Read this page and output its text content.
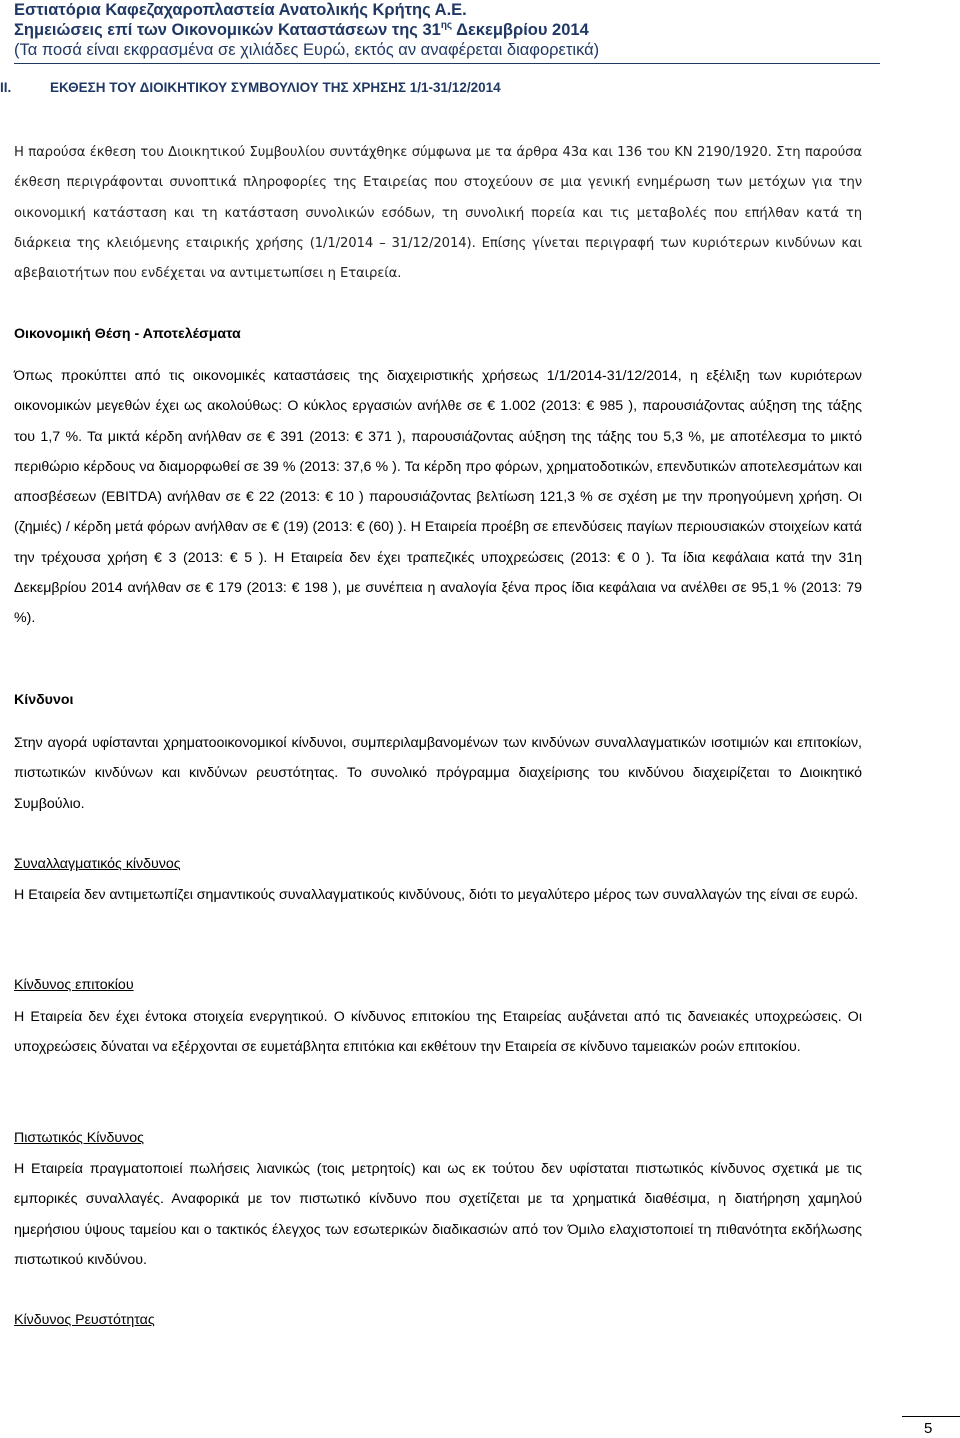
Εστιατόρια Καφεζαχαροπλαστεία Ανατολικής Κρήτης Α.Ε.
Σημειώσεις επί των Οικονομικών Καταστάσεων της $31^{\eta\varsigma}$ Δεκεμβρίου 2014
(Τα ποσά είναι εκφρασμένα σε χιλιάδες Ευρώ, εκτός αν αναφέρεται διαφορετικά)
II.	ΕΚΘΕΣΗ ΤΟΥ ΔΙΟΙΚΗΤΙΚΟΥ ΣΥΜΒΟΥΛΙΟΥ ΤΗΣ ΧΡΗΣΗΣ 1/1-31/12/2014

Η παρούσα έκθεση του Διοικητικού Συμβουλίου συντάχθηκε σύμφωνα με τα άρθρα 43α και 136 του ΚΝ 2190/1920. Στη παρούσα έκθεση περιγράφονται συνοπτικά πληροφορίες της Εταιρείας που στοχεύουν σε μια γενική ενημέρωση των μετόχων για την οικονομική κατάσταση και τη κατάσταση συνολικών εσόδων, τη συνολική πορεία και τις μεταβολές που επήλθαν κατά τη διάρκεια της κλειόμενης εταιρικής χρήσης (1/1/2014 – 31/12/2014). Επίσης γίνεται περιγραφή των κυριότερων κινδύνων και αβεβαιοτήτων που ενδέχεται να αντιμετωπίσει η Εταιρεία.

Οικονομική Θέση - Αποτελέσματα

Όπως προκύπτει από τις οικονομικές καταστάσεις της διαχειριστικής χρήσεως 1/1/2014-31/12/2014, η εξέλιξη των κυριότερων οικονομικών μεγεθών έχει ως ακολούθως: Ο κύκλος εργασιών ανήλθε σε € 1.002 (2013: € 985 ), παρουσιάζοντας αύξηση της τάξης του 1,7 %. Τα μικτά κέρδη ανήλθαν σε € 391 (2013: € 371 ), παρουσιάζοντας αύξηση της τάξης του 5,3 %, με αποτέλεσμα το μικτό περιθώριο κέρδους να διαμορφωθεί σε 39 % (2013: 37,6 % ). Τα κέρδη προ φόρων, χρηματοδοτικών, επενδυτικών αποτελεσμάτων και αποσβέσεων (EBITDA) ανήλθαν σε € 22 (2013: € 10 ) παρουσιάζοντας βελτίωση 121,3 % σε σχέση με την προηγούμενη χρήση. Οι (ζημιές) / κέρδη μετά φόρων ανήλθαν σε € (19) (2013: € (60) ). Η Εταιρεία προέβη σε επενδύσεις παγίων περιουσιακών στοιχείων κατά την τρέχουσα χρήση € 3 (2013: € 5 ). Η Εταιρεία δεν έχει τραπεζικές υποχρεώσεις (2013: € 0 ). Τα ίδια κεφάλαια κατά την 31η Δεκεμβρίου 2014 ανήλθαν σε € 179 (2013: € 198 ), με συνέπεια η αναλογία ξένα προς ίδια κεφάλαια να ανέλθει σε 95,1 % (2013: 79 %).

Κίνδυνοι

Στην αγορά υφίστανται χρηματοοικονομικοί κίνδυνοι, συμπεριλαμβανομένων των κινδύνων συναλλαγματικών ισοτιμιών και επιτοκίων, πιστωτικών κινδύνων και κινδύνων ρευστότητας. Το συνολικό πρόγραμμα διαχείρισης του κινδύνου διαχειρίζεται το Διοικητικό Συμβούλιο.

Συναλλαγματικός κίνδυνος

Η Εταιρεία δεν αντιμετωπίζει σημαντικούς συναλλαγματικούς κινδύνους, διότι το μεγαλύτερο μέρος των συναλλαγών της είναι σε ευρώ.

Κίνδυνος επιτοκίου

Η Εταιρεία δεν έχει έντοκα στοιχεία ενεργητικού. Ο κίνδυνος επιτοκίου της Εταιρείας αυξάνεται από τις δανειακές υποχρεώσεις. Οι υποχρεώσεις δύναται να εξέρχονται σε ευμετάβλητα επιτόκια και εκθέτουν την Εταιρεία σε κίνδυνο ταμειακών ροών επιτοκίου.

Πιστωτικός Κίνδυνος

Η Εταιρεία πραγματοποιεί πωλήσεις λιανικώς (τοις μετρητοίς) και ως εκ τούτου δεν υφίσταται πιστωτικός κίνδυνος σχετικά με τις εμπορικές συναλλαγές. Αναφορικά με τον πιστωτικό κίνδυνο που σχετίζεται με τα χρηματικά διαθέσιμα, η διατήρηση χαμηλού ημερήσιου ύψους ταμείου και ο τακτικός έλεγχος των εσωτερικών διαδικασιών από τον Όμιλο ελαχιστοποιεί τη πιθανότητα εκδήλωσης πιστωτικού κινδύνου.

Κίνδυνος Ρευστότητας
5
